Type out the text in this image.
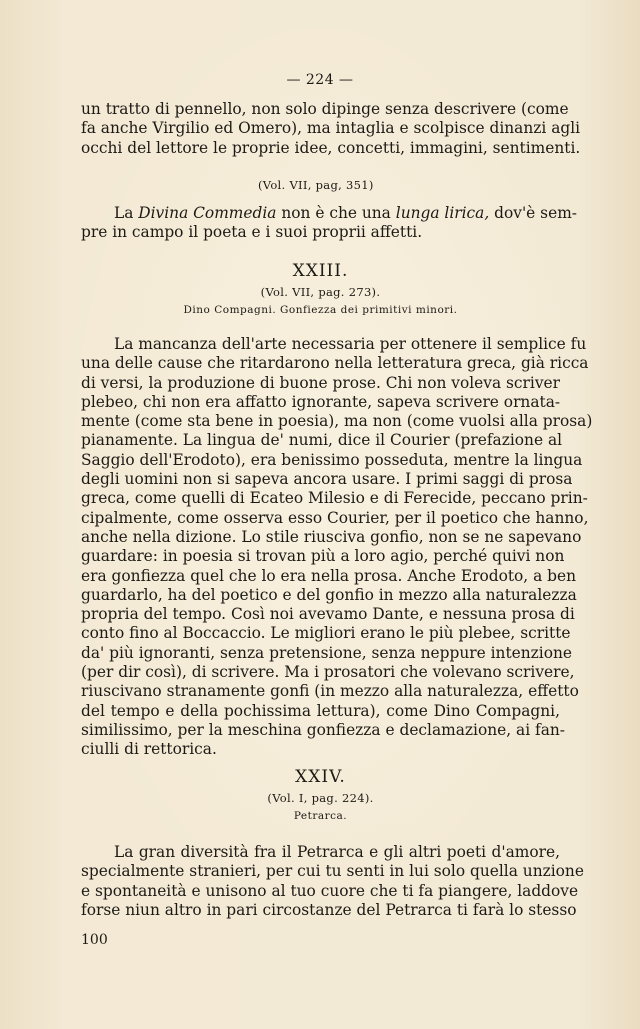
— 224 —

un tratto di pennello, non solo dipinge senza descrivere (come
fa anche Virgilio ed Omero), ma intaglia e scolpisce dinanzi agli
occhi del lettore le proprie idee, concetti, immagini, sentimenti.

(Vol. VII, pag, 351)

La Divina Commedia non è che una lunga lirica, dov'è sem-
pre in campo il poeta e i suoi proprii affetti.

XXIII.
(Vol. VII, pag. 273).
Dino Compagni. Gonfiezza dei primitivi minori.

La mancanza dell'arte necessaria per ottenere il semplice fu
una delle cause che ritardarono nella letteratura greca, già ricca
di versi, la produzione di buone prose. Chi non voleva scriver
plebeo, chi non era affatto ignorante, sapeva scrivere ornata-
mente (come sta bene in poesia), ma non (come vuolsi alla prosa)
pianamente. La lingua de' numi, dice il Courier (prefazione al
Saggio dell'Erodoto), era benissimo posseduta, mentre la lingua
degli uomini non si sapeva ancora usare. I primi saggi di prosa
greca, come quelli di Ecateo Milesio e di Ferecide, peccano prin-
cipalmente, come osserva esso Courier, per il poetico che hanno,
anche nella dizione. Lo stile riusciva gonfio, non se ne sapevano
guardare: in poesia si trovan più a loro agio, perché quivi non
era gonfiezza quel che lo era nella prosa. Anche Erodoto, a ben
guardarlo, ha del poetico e del gonfio in mezzo alla naturalezza
propria del tempo. Così noi avevamo Dante, e nessuna prosa di
conto fino al Boccaccio. Le migliori erano le più plebee, scritte
da' più ignoranti, senza pretensione, senza neppure intenzione
(per dir così), di scrivere. Ma i prosatori che volevano scrivere,
riuscivano stranamente gonfi (in mezzo alla naturalezza, effetto
del tempo e della pochissima lettura), come Dino Compagni,
similissimo, per la meschina gonfiezza e declamazione, ai fan-
ciulli di rettorica.

XXIV.
(Vol. I, pag. 224).
Petrarca.

La gran diversità fra il Petrarca e gli altri poeti d'amore,
specialmente stranieri, per cui tu senti in lui solo quella unzione
e spontaneità e unisono al tuo cuore che ti fa piangere, laddove
forse niun altro in pari circostanze del Petrarca ti farà lo stesso

100
